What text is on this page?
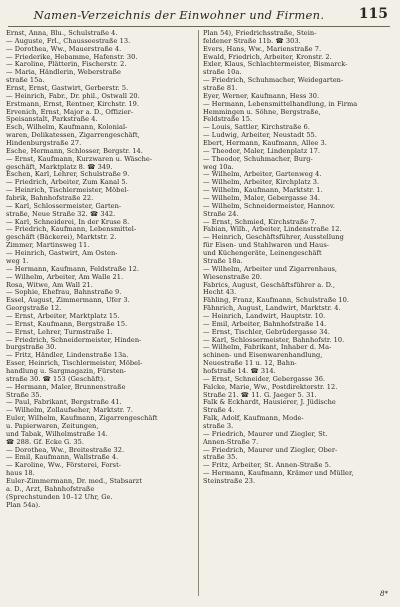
Namen-Verzeichnis der Einwohner und Firmen.	115
Ernst, Anna, Blu., Schulstraße 4.
— Auguste, Frl., Chausseestraße 13.
— Dorothea, Ww., Mauerstraße 4.
— Friederike, Hebamme, Hafenstr. 30.
— Karoline, Plätterin, Fischerstr. 2.
— Maria, Händlerin, Weberstraße
straße 15a.
Ernst, Ernst, Gastwirt, Gerberstr. 5.
— Heinrich, Fabr., Dr. phil., Ostwall 20.
Erstmann, Ernst, Rentner, Kirchstr. 19.
Ervenich, Ernst, Major a. D., Offizier-
Speisanstalt, Parkstraße 4.
Esch, Wilhelm, Kaufmann, Kolonial-
waren, Delikatessen, Zigarrengeschäft,
Hindenburgstraße 27.
Esche, Hermann, Schlosser, Bergstr. 14.
— Ernst, Kaufmann, Kurzwaren u. Wäsche-
geschäft, Marktplatz 8. ☎ 349.
Eschen, Karl, Lehrer, Schulstraße 9.
— Friedrich, Arbeiter, Zum Kanal 5.
— Heinrich, Tischlermeister, Möbel-
fabrik, Bahnhofstraße 22.
— Karl, Schlossermeister, Garten-
straße, Neue Straße 32. ☎ 342.
— Karl, Schneiderei, In der Kruse 8.
— Friedrich, Kaufmann, Lebensmittel-
geschäft (Bäckerei), Marktstr. 2.
Zimmer, Martinsweg 11.
— Heinrich, Gastwirt, Am Osten-
weg 1.
— Hermann, Kaufmann, Feldstraße 12.
— Wilhelm, Arbeiter, Am Walle 21.
Rosa, Witwe, Am Wall 21.
— Sophie, Ehefrau, Bahnstraße 9.
Essel, August, Zimmermann, Ufer 3.
Georgstraße 12.
— Ernst, Arbeiter, Marktplatz 15.
— Ernst, Kaufmann, Bergstraße 15.
— Ernst, Lehrer, Turmstraße 1.
— Friedrich, Schneidermeister, Hinden-
burgstraße 30.
— Fritz, Händler, Lindenstraße 13a.
Esser, Heinrich, Tischlermeister, Möbel-
handlung u. Sargmagazin, Fürsten-
straße 30. ☎ 153 (Geschäft).
— Hermann, Maler, Brunnenstraße
Straße 35.
— Paul, Fabrikant, Bergstraße 41.
— Wilhelm, Zollaufseher, Marktstr. 7.
Euler, Wilhelm, Kaufmann, Zigarrengeschäft
u. Papierwaren, Zeitungen,
und Tabak, Wilhelmstraße 14.
☎ 288. Gf. Ecke G. 35.
— Dorothea, Ww., Breitestraße 32.
— Emil, Kaufmann, Wallstraße 4.
— Karoline, Ww., Försterei, Forst-
haus 18.
Euler-Zimmermann, Dr. med., Stabsarzt
a. D., Arzt, Bahnhofstraße
(Sprechstunden 10–12 Uhr, Ge.
Plan 54a).
Plan 54), Friedrichsstraße, Stein-
feldener Straße 11b. ☎ 303.
Evers, Hans, Ww., Marienstraße 7.
Ewald, Friedrich, Arbeiter, Kronstr. 2.
Exler, Klaus, Schlachtermeister, Bismarck-
straße 10a.
— Friedrich, Schuhmacher, Weidegarten-
straße 81.
Eyer, Werner, Kaufmann, Hess 30.
— Hermann, Lebensmittelhandlung, in Firma
Hemmingen u. Söhne, Bergstraße,
Feldstraße 15.
— Louis, Sattler, Kirchstraße 6.
— Ludwig, Arbeiter, Neustadt 55.
Ebert, Hermann, Kaufmann, Allee 3.
— Theodor, Maler, Lindenplatz 17.
— Theodor, Schuhmacher, Burg-
weg 10a.
— Wilhelm, Arbeiter, Gartenweg 4.
— Wilhelm, Arbeiter, Kirchplatz 3.
— Wilhelm, Kaufmann, Marktstr. 1.
— Wilhelm, Maler, Gebergasse 34.
— Wilhelm, Schneidermeister, Hannov.
Straße 24.
— Ernst, Schmied, Kirchstraße 7.
Fabian, Wilh., Arbeiter, Lindenstraße 12.
— Heinrich, Geschäftsführer, Ausstellung
für Eisen- und Stahlwaren und Haus-
und Küchengeräte, Leinengeschäft
Straße 18a.
— Wilhelm, Arbeiter und Zigarrenhaus,
Wiesenstraße 20.
Fabrics, August, Geschäftsführer a. D.,
Hecht 43.
Fähling, Franz, Kaufmann, Schulstraße 10.
Fähnrich, August, Landwirt, Marktstr. 4.
— Heinrich, Landwirt, Hauptstr. 10.
— Emil, Arbeiter, Bahnhofstraße 14.
— Ernst, Tischler, Gebrüdergasse 34.
— Karl, Schlossermeister, Bahnhofstr. 10.
— Wilhelm, Fabrikant, Inhaber d. Ma-
schinen- und Eisenwarenhandlung,
Neuestraße 11 u. 12, Bahn-
hofstraße 14. ☎ 314.
— Ernst, Schneider, Gebergasse 36.
Falcke, Marie, Ww., Postdirektorstr. 12.
Straße 21. ☎ 11. G. Jaeger 5. 31.
Falk & Eckhardt, Hausierer, J. Jüdische
Straße 4.
Falk, Adolf, Kaufmann, Mode-
straße 3.
— Friedrich, Maurer und Ziegler, St.
Annen-Straße 7.
— Friedrich, Maurer und Ziegler, Ober-
straße 35.
— Fritz, Arbeiter, St. Annen-Straße 5.
— Hermann, Kaufmann, Krämer und Müller,
Steinstraße 23.
8*
